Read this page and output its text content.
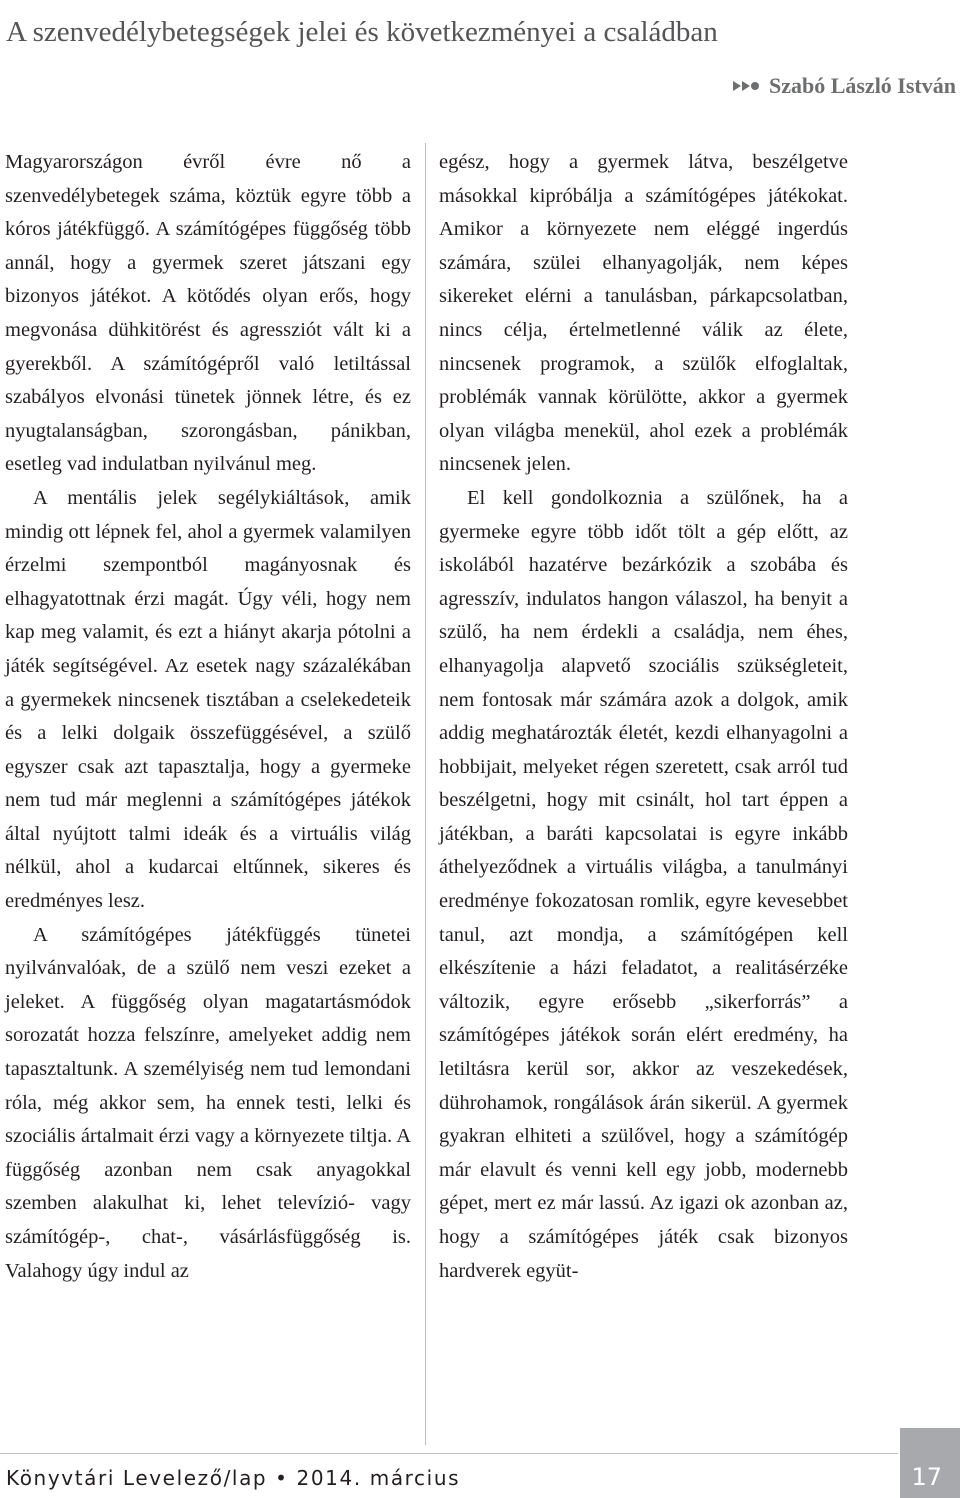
A szenvedélybetegségek jelei és következményei a családban
Szabó László István

Magyarországon évről évre nő a szenvedélybetegek száma, köztük egyre több a kóros játékfüggő. A számítógépes függőség több annál, hogy a gyermek szeret játszani egy bizonyos játékot. A kötődés olyan erős, hogy megvonása dühkitörést és agressziót vált ki a gyerekből. A számítógépről való letiltással szabályos elvonási tünetek jönnek létre, és ez nyugtalanságban, szorongásban, pánikban, esetleg vad indulatban nyilvánul meg.

A mentális jelek segélykiáltások, amik mindig ott lépnek fel, ahol a gyermek valamilyen érzelmi szempontból magányosnak és elhagyatottnak érzi magát. Úgy véli, hogy nem kap meg valamit, és ezt a hiányt akarja pótolni a játék segítségével. Az esetek nagy százalékában a gyermekek nincsenek tisztában a cselekedeteik és a lelki dolgaik összefüggésével, a szülő egyszer csak azt tapasztalja, hogy a gyermeke nem tud már meglenni a számítógépes játékok által nyújtott talmi ideák és a virtuális világ nélkül, ahol a kudarcai eltűnnek, sikeres és eredményes lesz.

A számítógépes játékfüggés tünetei nyilvánvalóak, de a szülő nem veszi ezeket a jeleket. A függőség olyan magatartásmódok sorozatát hozza felszínre, amelyeket addig nem tapasztaltunk. A személyiség nem tud lemondani róla, még akkor sem, ha ennek testi, lelki és szociális ártalmait érzi vagy a környezete tiltja. A függőség azonban nem csak anyagokkal szemben alakulhat ki, lehet televízió- vagy számítógép-, chat-, vásárlásfüggőség is. Valahogy úgy indul az

egész, hogy a gyermek látva, beszélgetve másokkal kipróbálja a számítógépes játékokat. Amikor a környezete nem eléggé ingerdús számára, szülei elhanyagolják, nem képes sikereket elérni a tanulásban, párkapcsolatban, nincs célja, értelmetlenné válik az élete, nincsenek programok, a szülők elfoglaltak, problémák vannak körülötte, akkor a gyermek olyan világba menekül, ahol ezek a problémák nincsenek jelen.

El kell gondolkoznia a szülőnek, ha a gyermeke egyre több időt tölt a gép előtt, az iskolából hazatérve bezárkózik a szobába és agresszív, indulatos hangon válaszol, ha benyit a szülő, ha nem érdekli a családja, nem éhes, elhanyagolja alapvető szociális szükségleteit, nem fontosak már számára azok a dolgok, amik addig meghatározták életét, kezdi elhanyagolni a hobbijait, melyeket régen szeretett, csak arról tud beszélgetni, hogy mit csinált, hol tart éppen a játékban, a baráti kapcsolatai is egyre inkább áthelyeződnek a virtuális világba, a tanulmányi eredménye fokozatosan romlik, egyre kevesebbet tanul, azt mondja, a számítógépen kell elkészítenie a házi feladatot, a realitásérzéke változik, egyre erősebb „sikerforrás” a számítógépes játékok során elért eredmény, ha letiltásra kerül sor, akkor az veszekedések, dührohamok, rongálások árán sikerül. A gyermek gyakran elhiteti a szülővel, hogy a számítógép már elavult és venni kell egy jobb, modernebb gépet, mert ez már lassú. Az igazi ok azonban az, hogy a számítógépes játék csak bizonyos hardverek együt-

Könyvtári Levelező/lap • 2014. március	17
